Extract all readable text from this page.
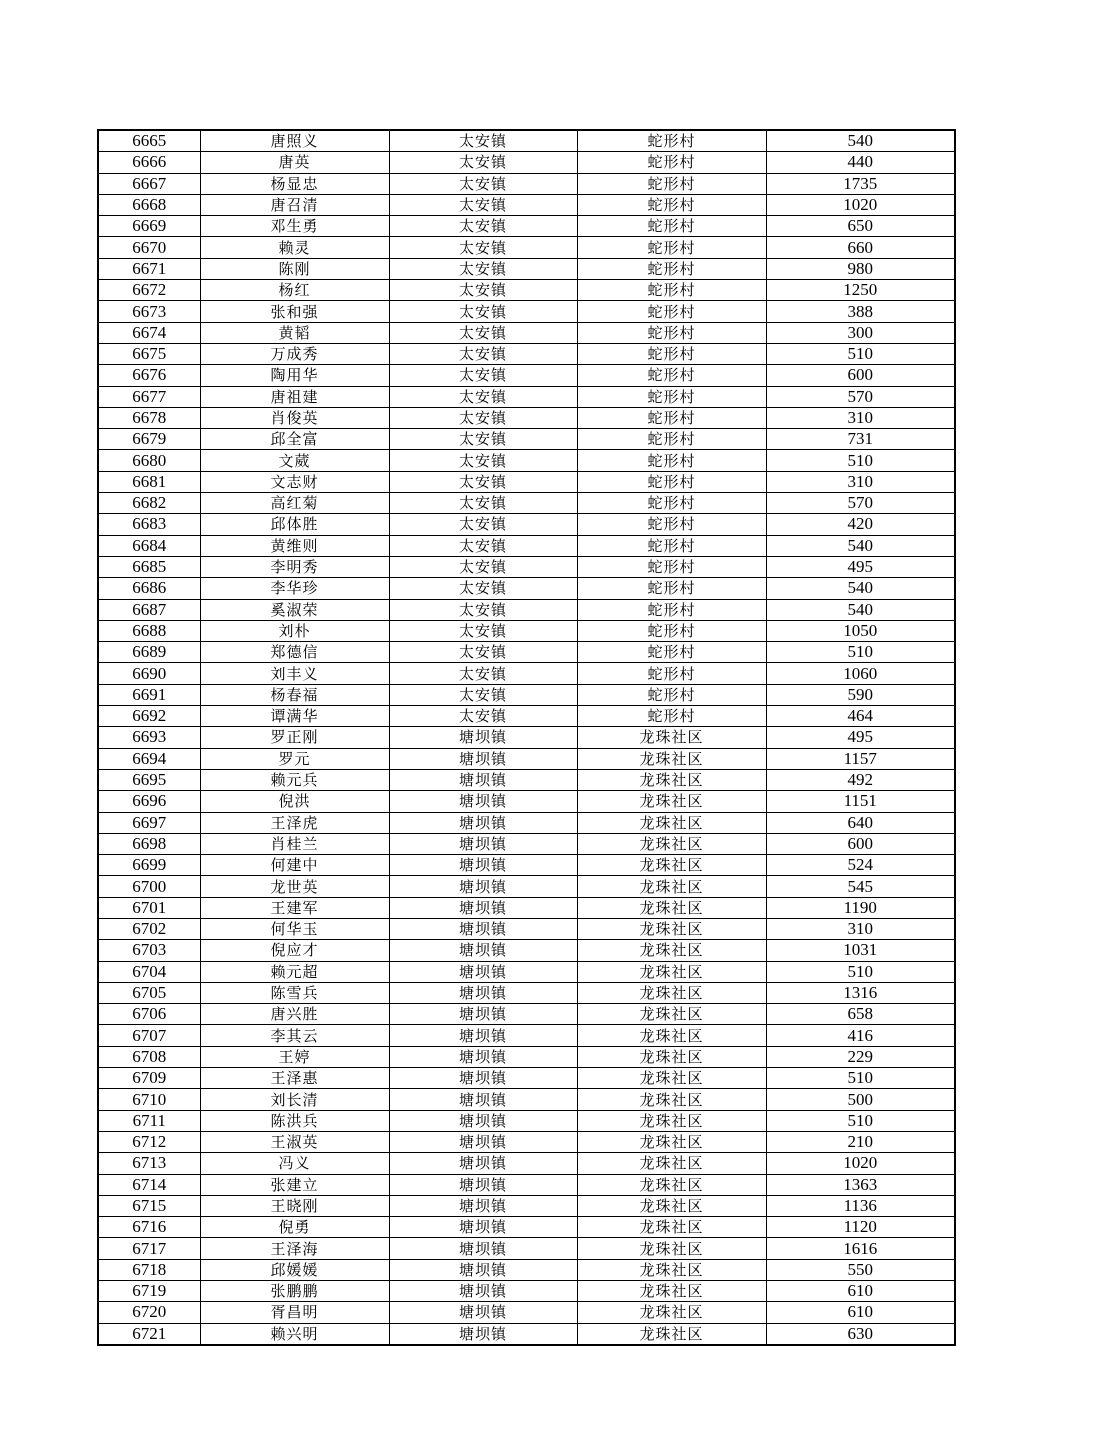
6665	唐照义	太安镇	蛇形村	540
6666	唐英	太安镇	蛇形村	440
6667	杨显忠	太安镇	蛇形村	1735
6668	唐召清	太安镇	蛇形村	1020
6669	邓生勇	太安镇	蛇形村	650
6670	赖灵	太安镇	蛇形村	660
6671	陈刚	太安镇	蛇形村	980
6672	杨红	太安镇	蛇形村	1250
6673	张和强	太安镇	蛇形村	388
6674	黄韬	太安镇	蛇形村	300
6675	万成秀	太安镇	蛇形村	510
6676	陶用华	太安镇	蛇形村	600
6677	唐祖建	太安镇	蛇形村	570
6678	肖俊英	太安镇	蛇形村	310
6679	邱全富	太安镇	蛇形村	731
6680	文葳	太安镇	蛇形村	510
6681	文志财	太安镇	蛇形村	310
6682	高红菊	太安镇	蛇形村	570
6683	邱体胜	太安镇	蛇形村	420
6684	黄维则	太安镇	蛇形村	540
6685	李明秀	太安镇	蛇形村	495
6686	李华珍	太安镇	蛇形村	540
6687	奚淑荣	太安镇	蛇形村	540
6688	刘朴	太安镇	蛇形村	1050
6689	郑德信	太安镇	蛇形村	510
6690	刘丰义	太安镇	蛇形村	1060
6691	杨春福	太安镇	蛇形村	590
6692	谭满华	太安镇	蛇形村	464
6693	罗正刚	塘坝镇	龙珠社区	495
6694	罗元	塘坝镇	龙珠社区	1157
6695	赖元兵	塘坝镇	龙珠社区	492
6696	倪洪	塘坝镇	龙珠社区	1151
6697	王泽虎	塘坝镇	龙珠社区	640
6698	肖桂兰	塘坝镇	龙珠社区	600
6699	何建中	塘坝镇	龙珠社区	524
6700	龙世英	塘坝镇	龙珠社区	545
6701	王建军	塘坝镇	龙珠社区	1190
6702	何华玉	塘坝镇	龙珠社区	310
6703	倪应才	塘坝镇	龙珠社区	1031
6704	赖元超	塘坝镇	龙珠社区	510
6705	陈雪兵	塘坝镇	龙珠社区	1316
6706	唐兴胜	塘坝镇	龙珠社区	658
6707	李其云	塘坝镇	龙珠社区	416
6708	王婷	塘坝镇	龙珠社区	229
6709	王泽惠	塘坝镇	龙珠社区	510
6710	刘长清	塘坝镇	龙珠社区	500
6711	陈洪兵	塘坝镇	龙珠社区	510
6712	王淑英	塘坝镇	龙珠社区	210
6713	冯义	塘坝镇	龙珠社区	1020
6714	张建立	塘坝镇	龙珠社区	1363
6715	王晓刚	塘坝镇	龙珠社区	1136
6716	倪勇	塘坝镇	龙珠社区	1120
6717	王泽海	塘坝镇	龙珠社区	1616
6718	邱媛媛	塘坝镇	龙珠社区	550
6719	张鹏鹏	塘坝镇	龙珠社区	610
6720	胥昌明	塘坝镇	龙珠社区	610
6721	赖兴明	塘坝镇	龙珠社区	630
